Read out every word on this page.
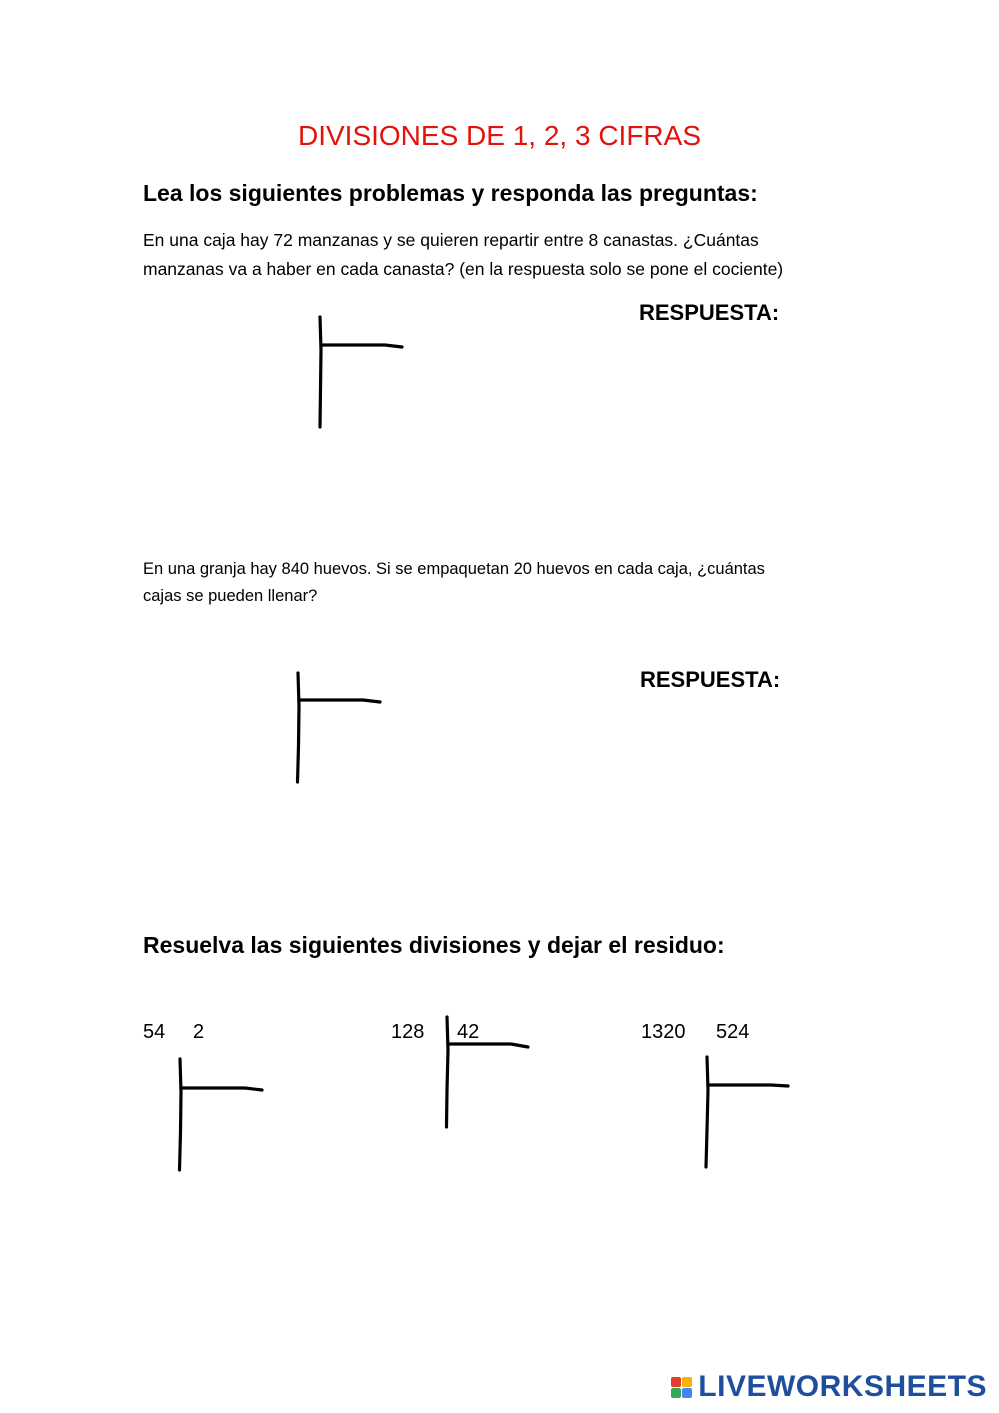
DIVISIONES DE 1, 2, 3 CIFRAS
Lea los siguientes problemas y responda las preguntas:
En una caja hay 72 manzanas y se quieren repartir entre 8 canastas. ¿Cuántas
manzanas va a haber en cada canasta? (en la respuesta solo se pone el cociente)
RESPUESTA:
En una granja hay 840 huevos. Si se empaquetan 20 huevos en cada caja, ¿cuántas
cajas se pueden llenar?
RESPUESTA:
Resuelva las siguientes divisiones y dejar el residuo:
54 2	128 42	1320 524
LIVEWORKSHEETS
